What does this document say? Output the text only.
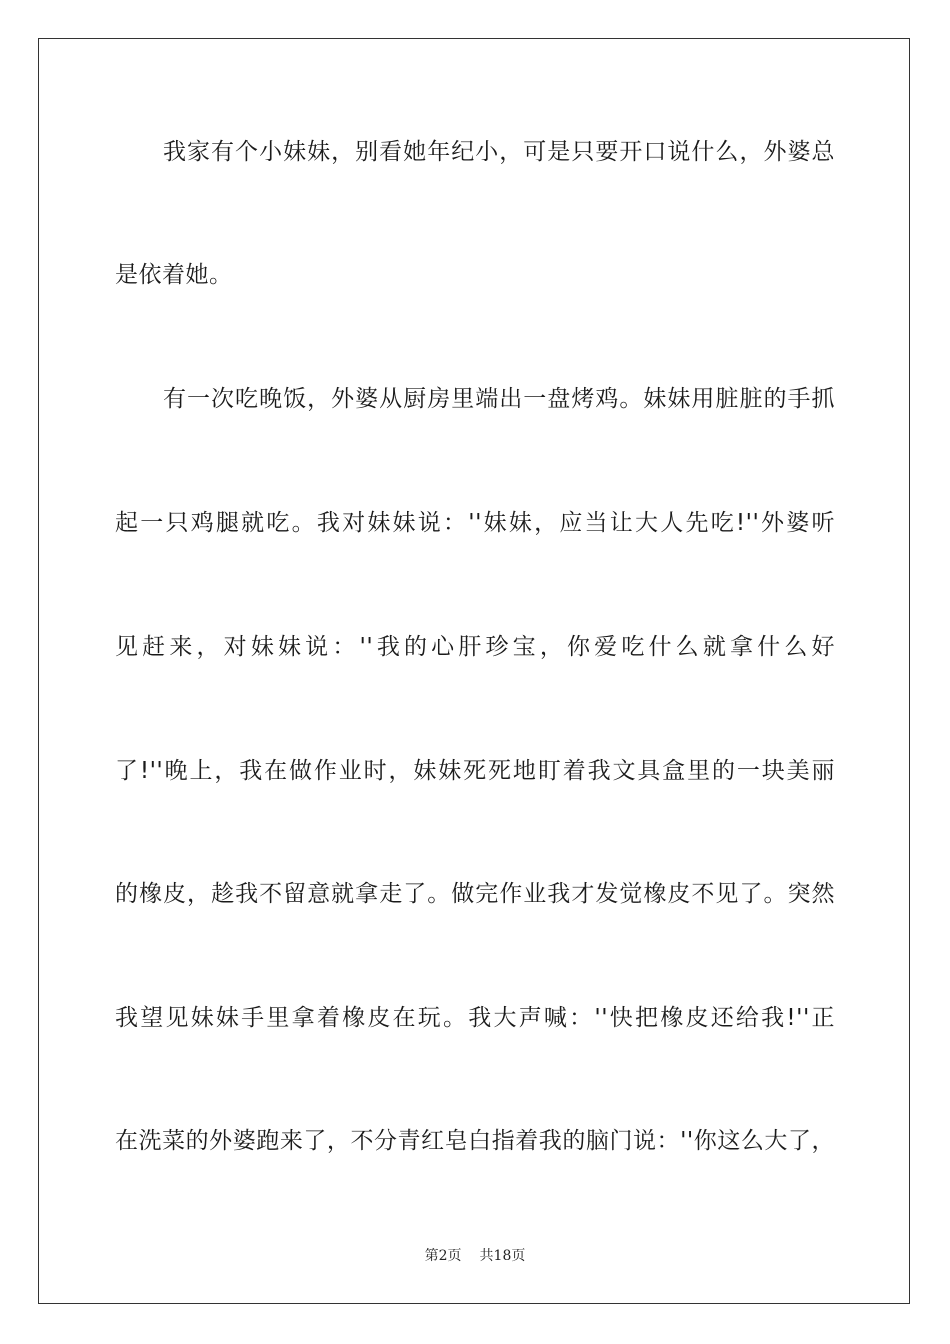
我家有个小妹妹，别看她年纪小，可是只要开口说什么，外婆总
是依着她。
有一次吃晚饭，外婆从厨房里端出一盘烤鸡。妹妹用脏脏的手抓
起一只鸡腿就吃。我对妹妹说：''妹妹，应当让大人先吃!''外婆听
见赶来，对妹妹说：''我的心肝珍宝，你爱吃什么就拿什么好
了!''晚上，我在做作业时，妹妹死死地盯着我文具盒里的一块美丽
的橡皮，趁我不留意就拿走了。做完作业我才发觉橡皮不见了。突然
我望见妹妹手里拿着橡皮在玩。我大声喊：''快把橡皮还给我!''正
在洗菜的外婆跑来了，不分青红皂白指着我的脑门说：''你这么大了，
第2页 共18页
